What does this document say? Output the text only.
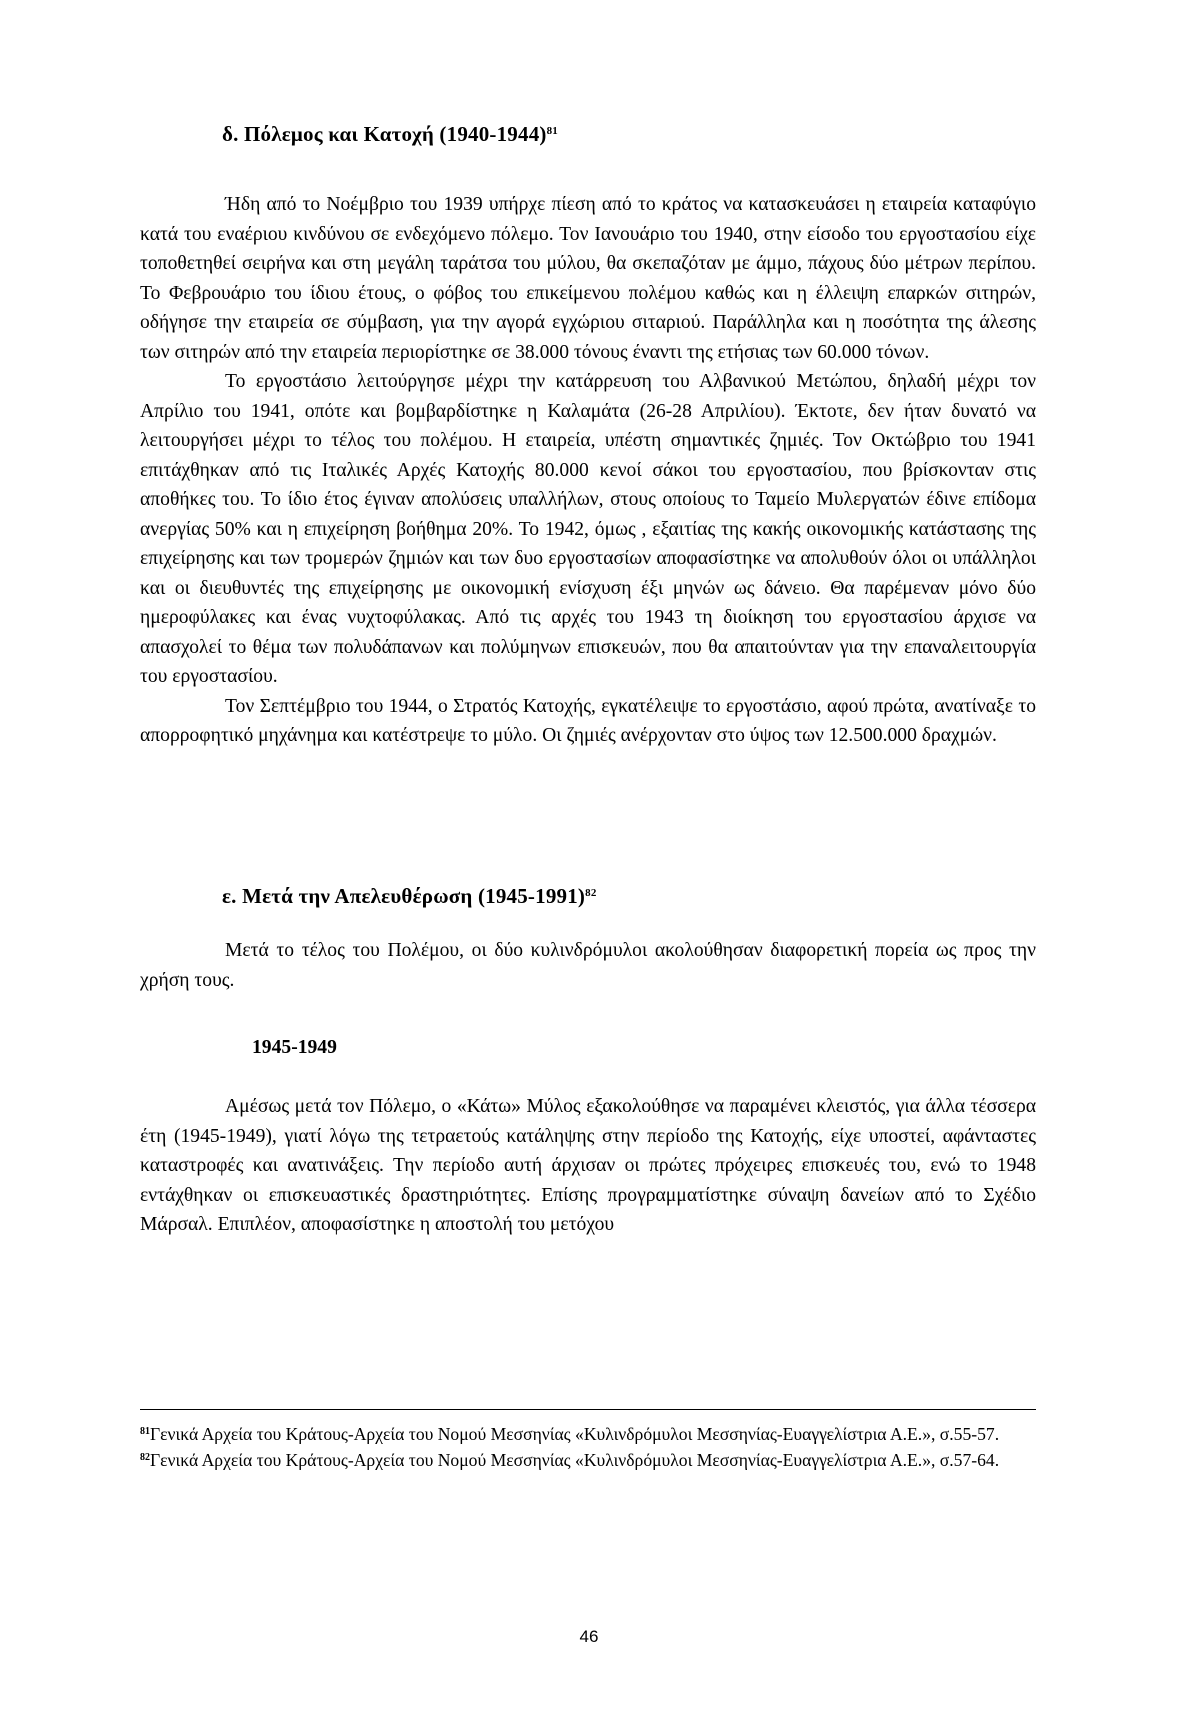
δ. Πόλεμος και Κατοχή (1940-1944)$^{81}$

Ήδη από το Νοέμβριο του 1939 υπήρχε πίεση από το κράτος να κατασκευάσει η εταιρεία καταφύγιο κατά του εναέριου κινδύνου σε ενδεχόμενο πόλεμο. Τον Ιανουάριο του 1940, στην είσοδο του εργοστασίου είχε τοποθετηθεί σειρήνα και στη μεγάλη ταράτσα του μύλου, θα σκεπαζόταν με άμμο, πάχους δύο μέτρων περίπου. Το Φεβρουάριο του ίδιου έτους, ο φόβος του επικείμενου πολέμου καθώς και η έλλειψη επαρκών σιτηρών, οδήγησε την εταιρεία σε σύμβαση, για την αγορά εγχώριου σιταριού. Παράλληλα και η ποσότητα της άλεσης των σιτηρών από την εταιρεία περιορίστηκε σε 38.000 τόνους έναντι της ετήσιας των 60.000 τόνων.

Το εργοστάσιο λειτούργησε μέχρι την κατάρρευση του Αλβανικού Μετώπου, δηλαδή μέχρι τον Απρίλιο του 1941, οπότε και βομβαρδίστηκε η Καλαμάτα (26-28 Απριλίου). Έκτοτε, δεν ήταν δυνατό να λειτουργήσει μέχρι το τέλος του πολέμου. Η εταιρεία, υπέστη σημαντικές ζημιές. Τον Οκτώβριο του 1941 επιτάχθηκαν από τις Ιταλικές Αρχές Κατοχής 80.000 κενοί σάκοι του εργοστασίου, που βρίσκονταν στις αποθήκες του. Το ίδιο έτος έγιναν απολύσεις υπαλλήλων, στους οποίους το Ταμείο Μυλεργατών έδινε επίδομα ανεργίας 50% και η επιχείρηση βοήθημα 20%. Το 1942, όμως , εξαιτίας της κακής οικονομικής κατάστασης της επιχείρησης και των τρομερών ζημιών και των δυο εργοστασίων αποφασίστηκε να απολυθούν όλοι οι υπάλληλοι και οι διευθυντές της επιχείρησης με οικονομική ενίσχυση έξι μηνών ως δάνειο. Θα παρέμεναν μόνο δύο ημεροφύλακες και ένας νυχτοφύλακας. Από τις αρχές του 1943 τη διοίκηση του εργοστασίου άρχισε να απασχολεί το θέμα των πολυδάπανων και πολύμηνων επισκευών, που θα απαιτούνταν για την επαναλειτουργία του εργοστασίου.

Τον Σεπτέμβριο του 1944, ο Στρατός Κατοχής, εγκατέλειψε το εργοστάσιο, αφού πρώτα, ανατίναξε το απορροφητικό μηχάνημα και κατέστρεψε το μύλο. Οι ζημιές ανέρχονταν στο ύψος των 12.500.000 δραχμών.

ε. Μετά την Απελευθέρωση (1945-1991)$^{82}$

Μετά το τέλος του Πολέμου, οι δύο κυλινδρόμυλοι ακολούθησαν διαφορετική πορεία ως προς την χρήση τους.

1945-1949

Αμέσως μετά τον Πόλεμο, ο «Κάτω» Μύλος εξακολούθησε να παραμένει κλειστός, για άλλα τέσσερα έτη (1945-1949), γιατί λόγω της τετραετούς κατάληψης στην περίοδο της Κατοχής, είχε υποστεί, αφάνταστες καταστροφές και ανατινάξεις. Την περίοδο αυτή άρχισαν οι πρώτες πρόχειρες επισκευές του, ενώ το 1948 εντάχθηκαν οι επισκευαστικές δραστηριότητες. Επίσης προγραμματίστηκε σύναψη δανείων από το Σχέδιο Μάρσαλ. Επιπλέον, αποφασίστηκε η αποστολή του μετόχου

$^{81}$Γενικά Αρχεία του Κράτους-Αρχεία του Νομού Μεσσηνίας «Κυλινδρόμυλοι Μεσσηνίας-Ευαγγελίστρια Α.Ε.», σ.55-57.

$^{82}$Γενικά Αρχεία του Κράτους-Αρχεία του Νομού Μεσσηνίας «Κυλινδρόμυλοι Μεσσηνίας-Ευαγγελίστρια Α.Ε.», σ.57-64.

46
